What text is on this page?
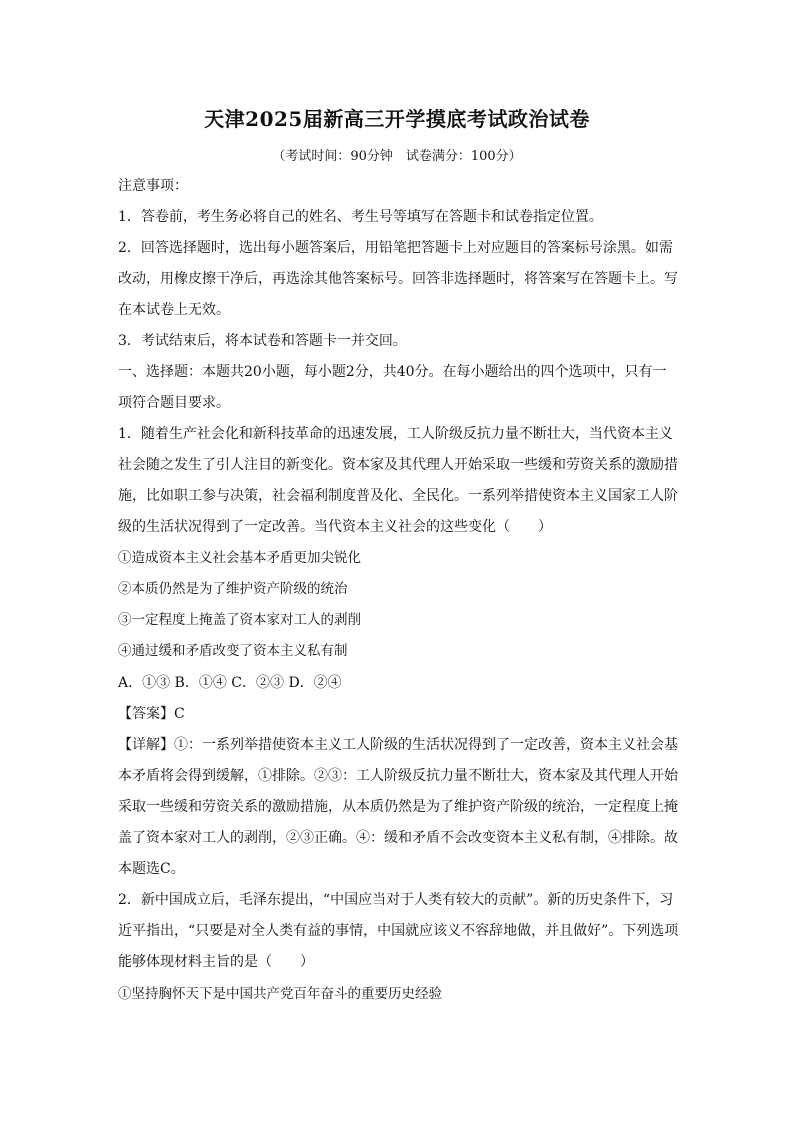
天津2025届新高三开学摸底考试政治试卷
（考试时间：90分钟　试卷满分：100分）
注意事项：
1．答卷前，考生务必将自己的姓名、考生号等填写在答题卡和试卷指定位置。
2．回答选择题时，选出每小题答案后，用铅笔把答题卡上对应题目的答案标号涂黑。如需
改动，用橡皮擦干净后，再选涂其他答案标号。回答非选择题时，将答案写在答题卡上。写
在本试卷上无效。
3．考试结束后，将本试卷和答题卡一并交回。
一、选择题：本题共20小题，每小题2分，共40分。在每小题给出的四个选项中，只有一
项符合题目要求。
1．随着生产社会化和新科技革命的迅速发展，工人阶级反抗力量不断壮大，当代资本主义
社会随之发生了引人注目的新变化。资本家及其代理人开始采取一些缓和劳资关系的激励措
施，比如职工参与决策，社会福利制度普及化、全民化。一系列举措使资本主义国家工人阶
级的生活状况得到了一定改善。当代资本主义社会的这些变化（　　）
①造成资本主义社会基本矛盾更加尖锐化
②本质仍然是为了维护资产阶级的统治
③一定程度上掩盖了资本家对工人的剥削
④通过缓和矛盾改变了资本主义私有制
A．①③ B．①④ C．②③ D．②④
【答案】C
【详解】①：一系列举措使资本主义工人阶级的生活状况得到了一定改善，资本主义社会基
本矛盾将会得到缓解，①排除。②③：工人阶级反抗力量不断壮大，资本家及其代理人开始
采取一些缓和劳资关系的激励措施，从本质仍然是为了维护资产阶级的统治，一定程度上掩
盖了资本家对工人的剥削，②③正确。④：缓和矛盾不会改变资本主义私有制，④排除。故
本题选C。
2．新中国成立后，毛泽东提出，“中国应当对于人类有较大的贡献”。新的历史条件下，习
近平指出，“只要是对全人类有益的事情，中国就应该义不容辞地做，并且做好”。下列选项
能够体现材料主旨的是（　　）
①坚持胸怀天下是中国共产党百年奋斗的重要历史经验
